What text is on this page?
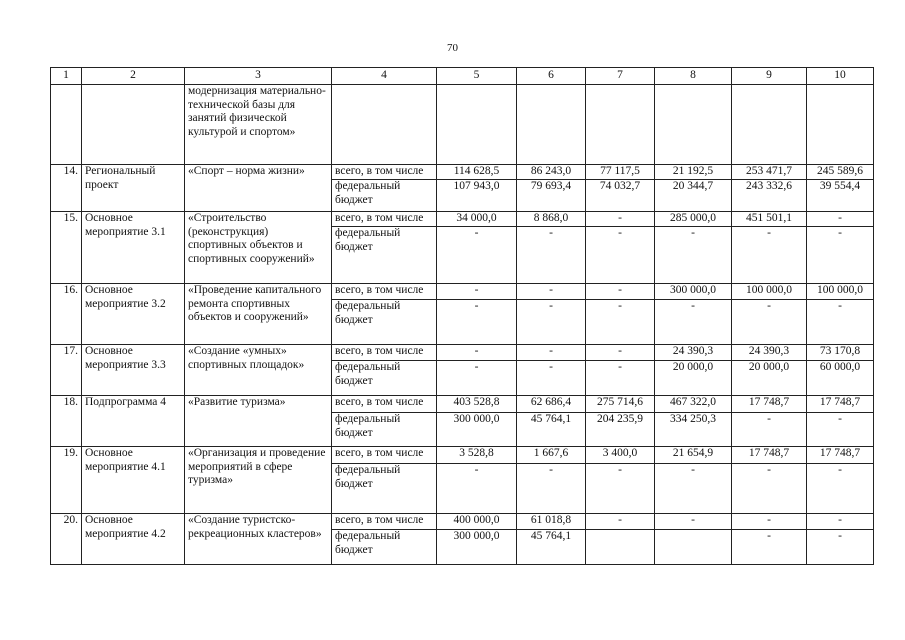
70
1	2	3	4	5	6	7	8	9	10
		модернизация материально-технической базы для занятий физической культурой и спортом»							
14.	Региональный проект	«Спорт – норма жизни»	всего, в том числе	114 628,5	86 243,0	77 117,5	21 192,5	253 471,7	245 589,6
			федеральный бюджет	107 943,0	79 693,4	74 032,7	20 344,7	243 332,6	39 554,4
15.	Основное мероприятие 3.1	«Строительство (реконструкция) спортивных объектов и спортивных сооружений»	всего, в том числе	34 000,0	8 868,0	-	285 000,0	451 501,1	-
			федеральный бюджет	-	-	-	-	-	-
16.	Основное мероприятие 3.2	«Проведение капитального ремонта спортивных объектов и сооружений»	всего, в том числе	-	-	-	300 000,0	100 000,0	100 000,0
			федеральный бюджет	-	-	-	-	-	-
17.	Основное мероприятие 3.3	«Создание «умных» спортивных площадок»	всего, в том числе	-	-	-	24 390,3	24 390,3	73 170,8
			федеральный бюджет	-	-	-	20 000,0	20 000,0	60 000,0
18.	Подпрограмма 4	«Развитие туризма»	всего, в том числе	403 528,8	62 686,4	275 714,6	467 322,0	17 748,7	17 748,7
			федеральный бюджет	300 000,0	45 764,1	204 235,9	334 250,3	-	-
19.	Основное мероприятие 4.1	«Организация и проведение мероприятий в сфере туризма»	всего, в том числе	3 528,8	1 667,6	3 400,0	21 654,9	17 748,7	17 748,7
			федеральный бюджет	-	-	-	-	-	-
20.	Основное мероприятие 4.2	«Создание туристско-рекреационных кластеров»	всего, в том числе	400 000,0	61 018,8	-	-	-	-
			федеральный бюджет	300 000,0	45 764,1			-	-
